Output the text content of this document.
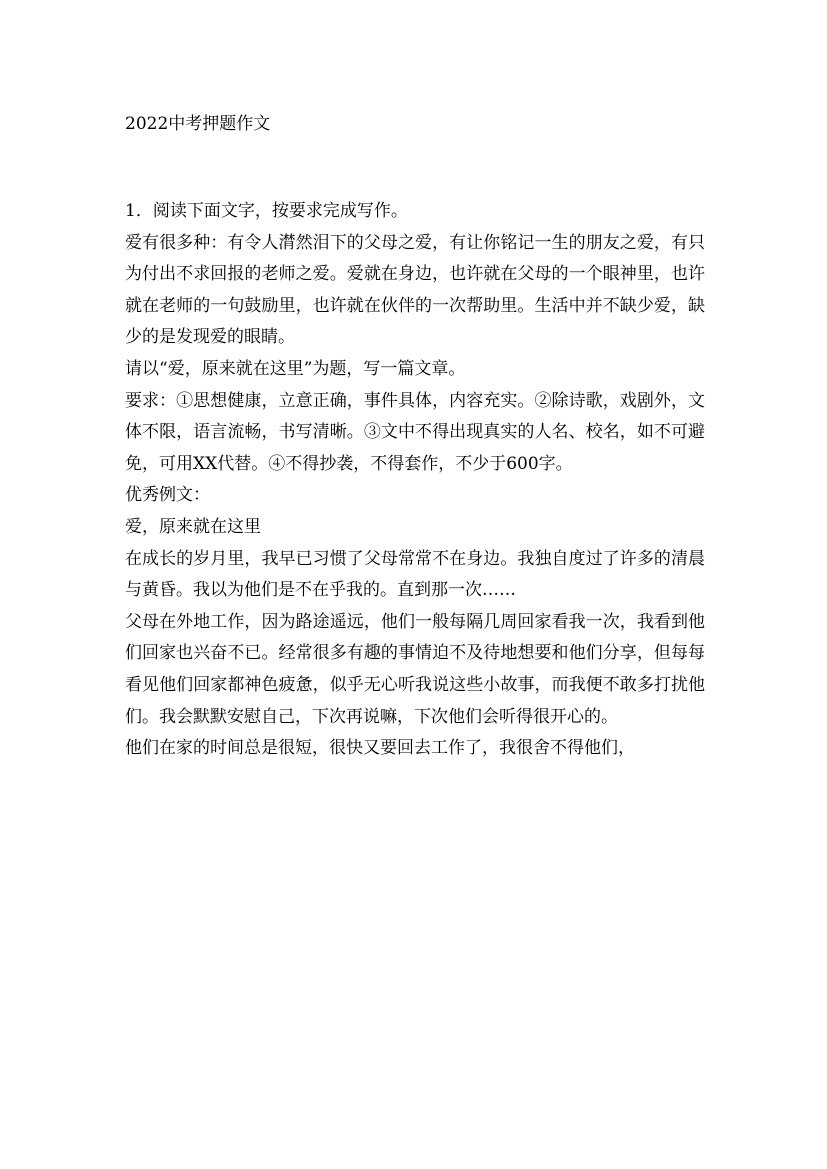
2022中考押题作文

1．阅读下面文字，按要求完成写作。

爱有很多种：有令人潸然泪下的父母之爱，有让你铭记一生的朋友之爱，有只为付出不求回报的老师之爱。爱就在身边，也许就在父母的一个眼神里，也许就在老师的一句鼓励里，也许就在伙伴的一次帮助里。生活中并不缺少爱，缺少的是发现爱的眼睛。

请以“爱，原来就在这里”为题，写一篇文章。

要求：①思想健康，立意正确，事件具体，内容充实。②除诗歌，戏剧外，文体不限，语言流畅，书写清晰。③文中不得出现真实的人名、校名，如不可避免，可用XX代替。④不得抄袭，不得套作，不少于600字。

优秀例文：

爱，原来就在这里

在成长的岁月里，我早已习惯了父母常常不在身边。我独自度过了许多的清晨与黄昏。我以为他们是不在乎我的。直到那一次……

父母在外地工作，因为路途遥远，他们一般每隔几周回家看我一次，我看到他们回家也兴奋不已。经常很多有趣的事情迫不及待地想要和他们分享，但每每看见他们回家都神色疲惫，似乎无心听我说这些小故事，而我便不敢多打扰他们。我会默默安慰自己，下次再说嘛，下次他们会听得很开心的。

他们在家的时间总是很短，很快又要回去工作了，我很舍不得他们，
